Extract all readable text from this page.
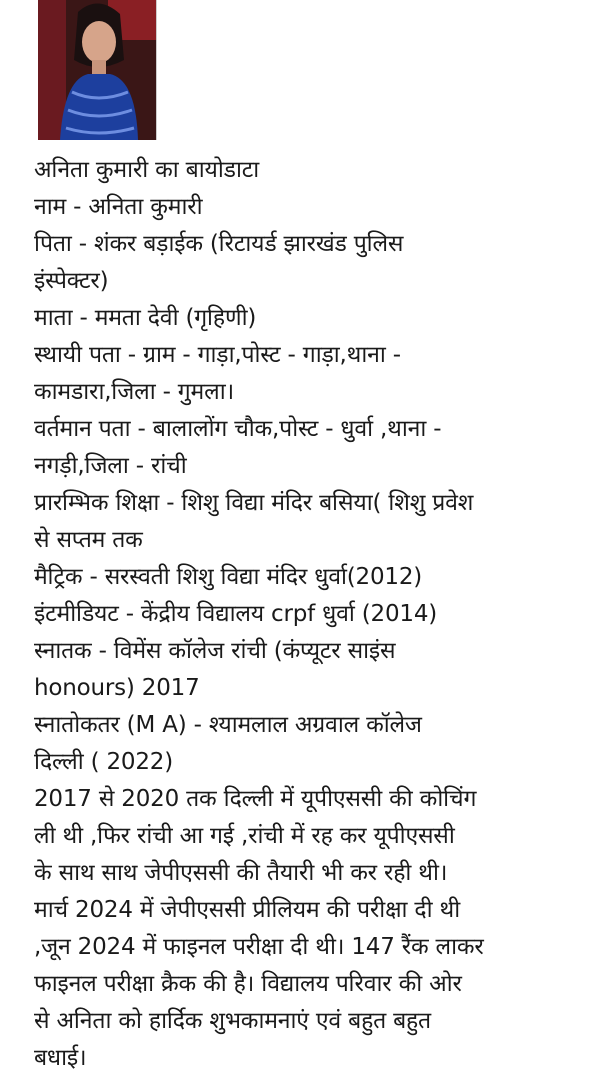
अनिता कुमारी का बायोडाटा
नाम - अनिता कुमारी
पिता - शंकर बड़ाईक (रिटायर्ड झारखंड पुलिस
इंस्पेक्टर)
माता - ममता देवी (गृहिणी)
स्थायी पता - ग्राम - गाड़ा,पोस्ट - गाड़ा,थाना -
कामडारा,जिला - गुमला।
वर्तमान पता - बालालोंग चौक,पोस्ट - धुर्वा ,थाना -
नगड़ी,जिला - रांची
प्रारम्भिक शिक्षा - शिशु विद्या मंदिर बसिया( शिशु प्रवेश
से सप्तम तक
मैट्रिक - सरस्वती शिशु विद्या मंदिर धुर्वा(2012)
इंटमीडियट - केंद्रीय विद्यालय crpf धुर्वा (2014)
स्नातक - विमेंस कॉलेज रांची (कंप्यूटर साइंस
honours) 2017
स्नातोकतर (M A) - श्यामलाल अग्रवाल कॉलेज
दिल्ली ( 2022)
2017 से 2020 तक दिल्ली में यूपीएससी की कोचिंग
ली थी ,फिर रांची आ गई ,रांची में रह कर यूपीएससी
के साथ साथ जेपीएससी की तैयारी भी कर रही थी।
मार्च 2024 में जेपीएससी प्रीलियम की परीक्षा दी थी
,जून 2024 में फाइनल परीक्षा दी थी। 147 रैंक लाकर
फाइनल परीक्षा क्रैक की है। विद्यालय परिवार की ओर
से अनिता को हार्दिक शुभकामनाएं एवं बहुत बहुत
बधाई।
